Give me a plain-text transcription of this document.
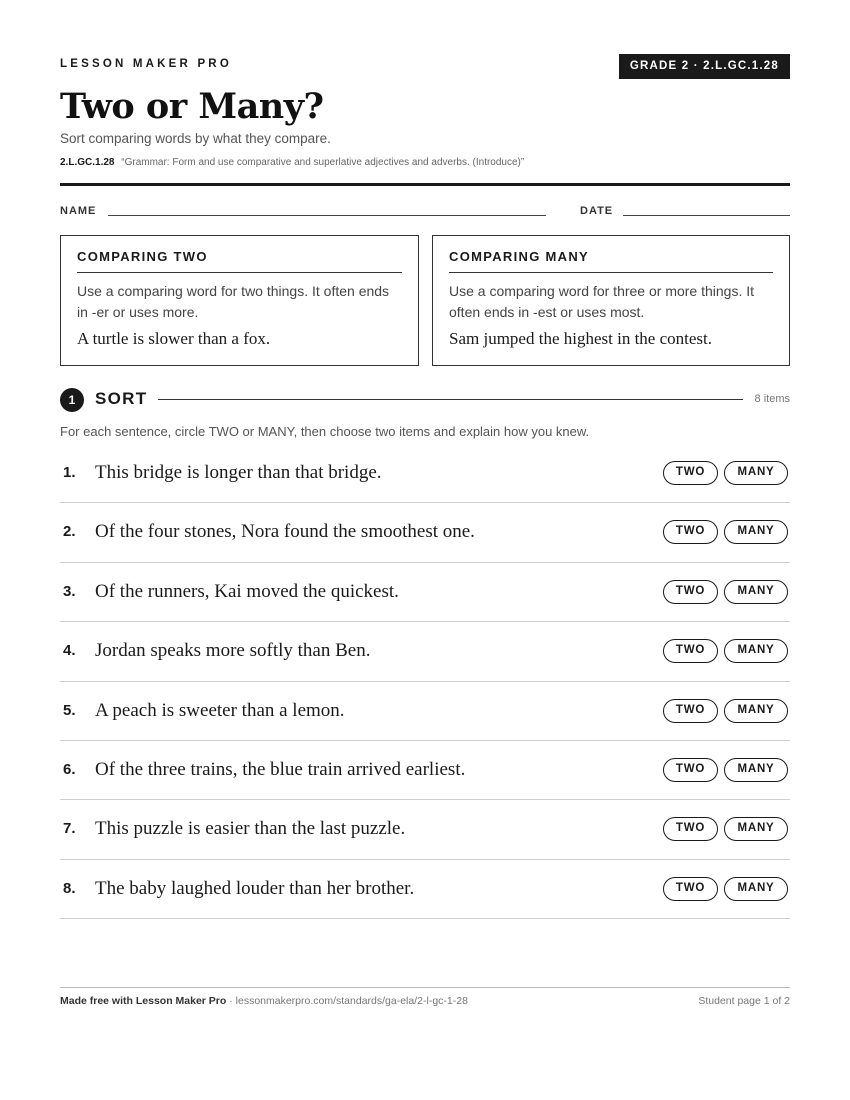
LESSON MAKER PRO	GRADE 2 · 2.L.GC.1.28
Two or Many?
Sort comparing words by what they compare.
2.L.GC.1.28 “Grammar: Form and use comparative and superlative adjectives and adverbs. (Introduce)”
NAME	DATE
COMPARING TWO
Use a comparing word for two things. It often ends in -er or uses more.
A turtle is slower than a fox.
COMPARING MANY
Use a comparing word for three or more things. It often ends in -est or uses most.
Sam jumped the highest in the contest.
1	SORT	8 items
For each sentence, circle TWO or MANY, then choose two items and explain how you knew.
1. This bridge is longer than that bridge.	TWO	MANY
2. Of the four stones, Nora found the smoothest one.	TWO	MANY
3. Of the runners, Kai moved the quickest.	TWO	MANY
4. Jordan speaks more softly than Ben.	TWO	MANY
5. A peach is sweeter than a lemon.	TWO	MANY
6. Of the three trains, the blue train arrived earliest.	TWO	MANY
7. This puzzle is easier than the last puzzle.	TWO	MANY
8. The baby laughed louder than her brother.	TWO	MANY
Made free with Lesson Maker Pro · lessonmakerpro.com/standards/ga-ela/2-l-gc-1-28	Student page 1 of 2
